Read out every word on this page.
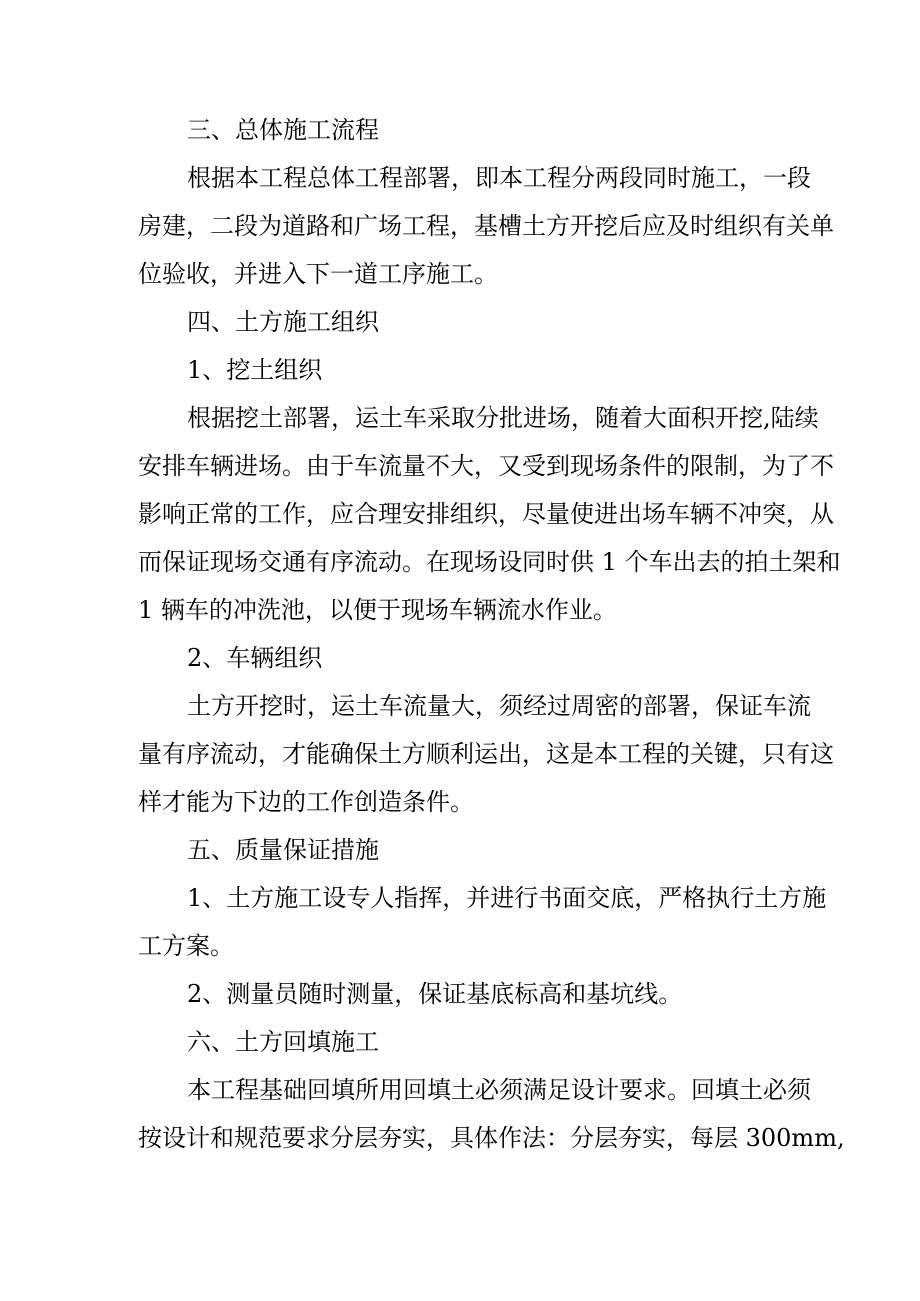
三、总体施工流程
根据本工程总体工程部署，即本工程分两段同时施工，一段
房建，二段为道路和广场工程，基槽土方开挖后应及时组织有关单
位验收，并进入下一道工序施工。
四、土方施工组织
1、挖土组织
根据挖土部署，运土车采取分批进场，随着大面积开挖,陆续
安排车辆进场。由于车流量不大，又受到现场条件的限制，为了不
影响正常的工作，应合理安排组织，尽量使进出场车辆不冲突，从
而保证现场交通有序流动。在现场设同时供 1 个车出去的拍土架和
1 辆车的冲洗池，以便于现场车辆流水作业。
2、车辆组织
土方开挖时，运土车流量大，须经过周密的部署，保证车流
量有序流动，才能确保土方顺利运出，这是本工程的关键，只有这
样才能为下边的工作创造条件。
五、质量保证措施
1、土方施工设专人指挥，并进行书面交底，严格执行土方施
工方案。
2、测量员随时测量，保证基底标高和基坑线。
六、土方回填施工
本工程基础回填所用回填土必须满足设计要求。回填土必须
按设计和规范要求分层夯实，具体作法：分层夯实，每层 300mm,
